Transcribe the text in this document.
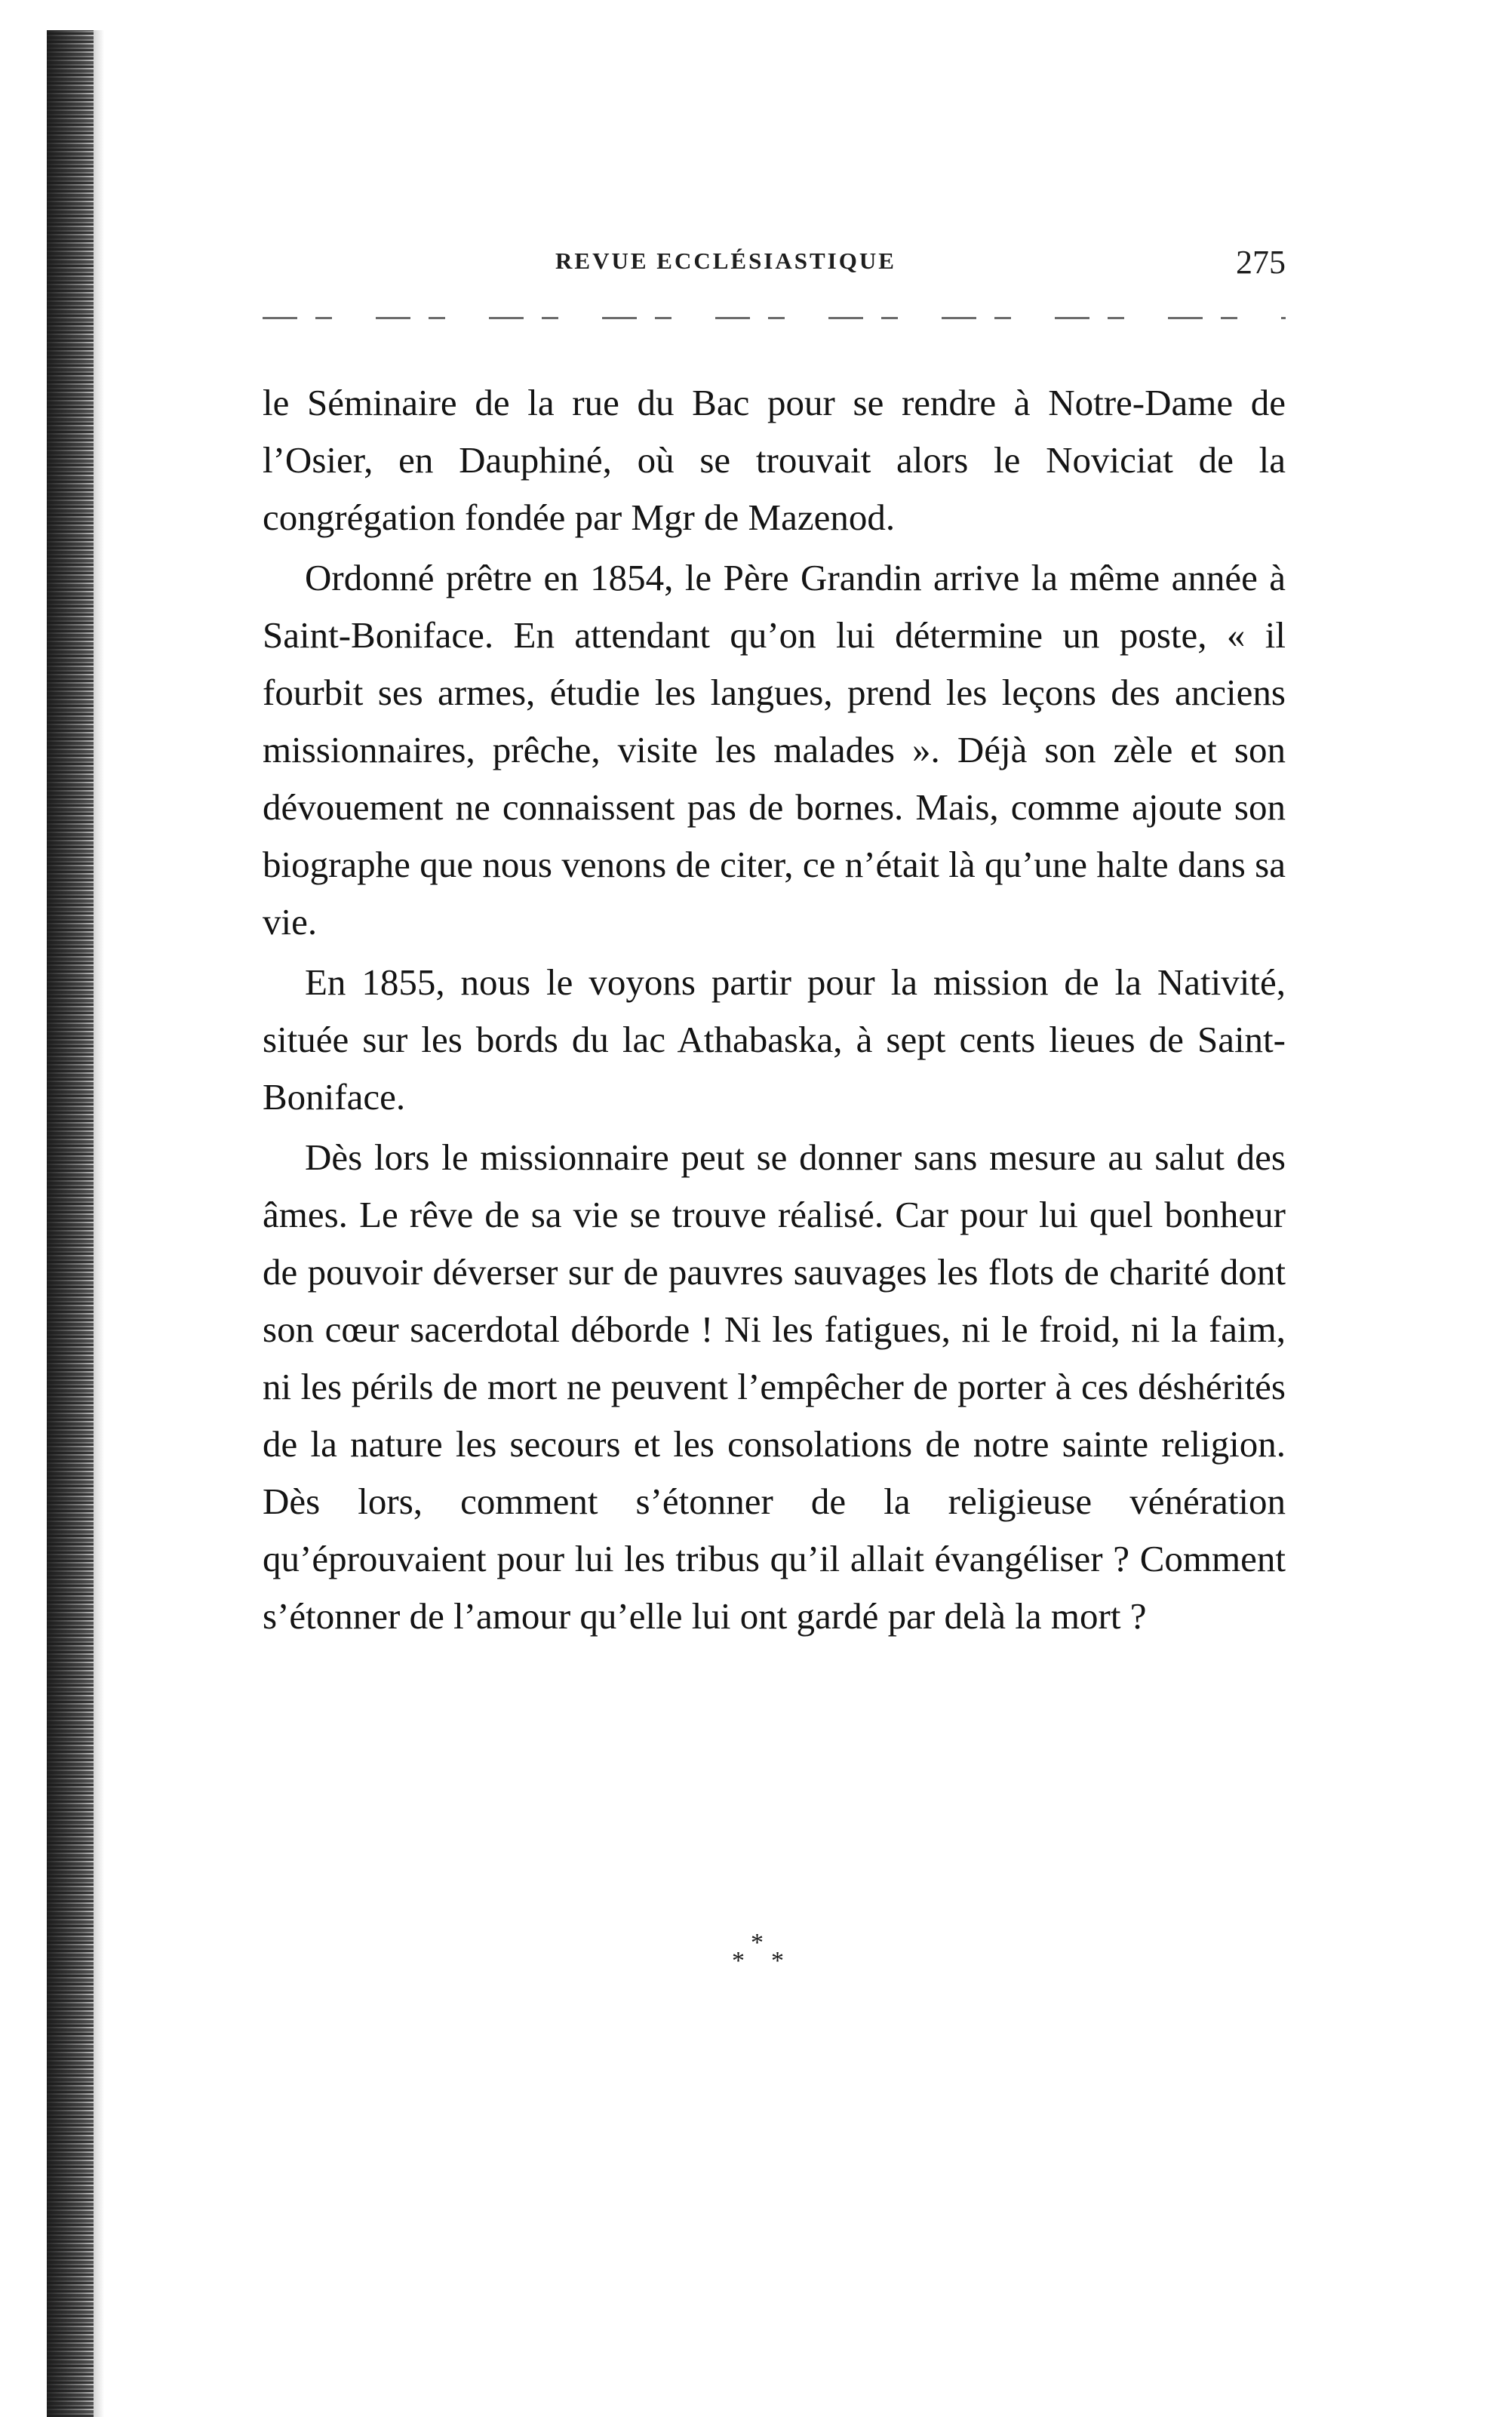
REVUE ECCLÉSIASTIQUE	275

le Séminaire de la rue du Bac pour se rendre à Notre-Dame de l’Osier, en Dauphiné, où se trouvait alors le Noviciat de la congrégation fondée par Mgr de Mazenod.

Ordonné prêtre en 1854, le Père Grandin arrive la même année à Saint-Boniface. En attendant qu’on lui détermine un poste, « il fourbit ses armes, étudie les langues, prend les leçons des anciens missionnaires, prêche, visite les malades ». Déjà son zèle et son dévouement ne connaissent pas de bornes. Mais, comme ajoute son biographe que nous venons de citer, ce n’était là qu’une halte dans sa vie.

En 1855, nous le voyons partir pour la mission de la Nativité, située sur les bords du lac Athabaska, à sept cents lieues de Saint-Boniface.

Dès lors le missionnaire peut se donner sans mesure au salut des âmes. Le rêve de sa vie se trouve réalisé. Car pour lui quel bonheur de pouvoir déverser sur de pauvres sauvages les flots de charité dont son cœur sacerdotal déborde ! Ni les fatigues, ni le froid, ni la faim, ni les périls de mort ne peuvent l’empêcher de porter à ces déshérités de la nature les secours et les consolations de notre sainte religion. Dès lors, comment s’étonner de la religieuse vénération qu’éprouvaient pour lui les tribus qu’il allait évangéliser ? Comment s’étonner de l’amour qu’elle lui ont gardé par delà la mort ?

*
* *
